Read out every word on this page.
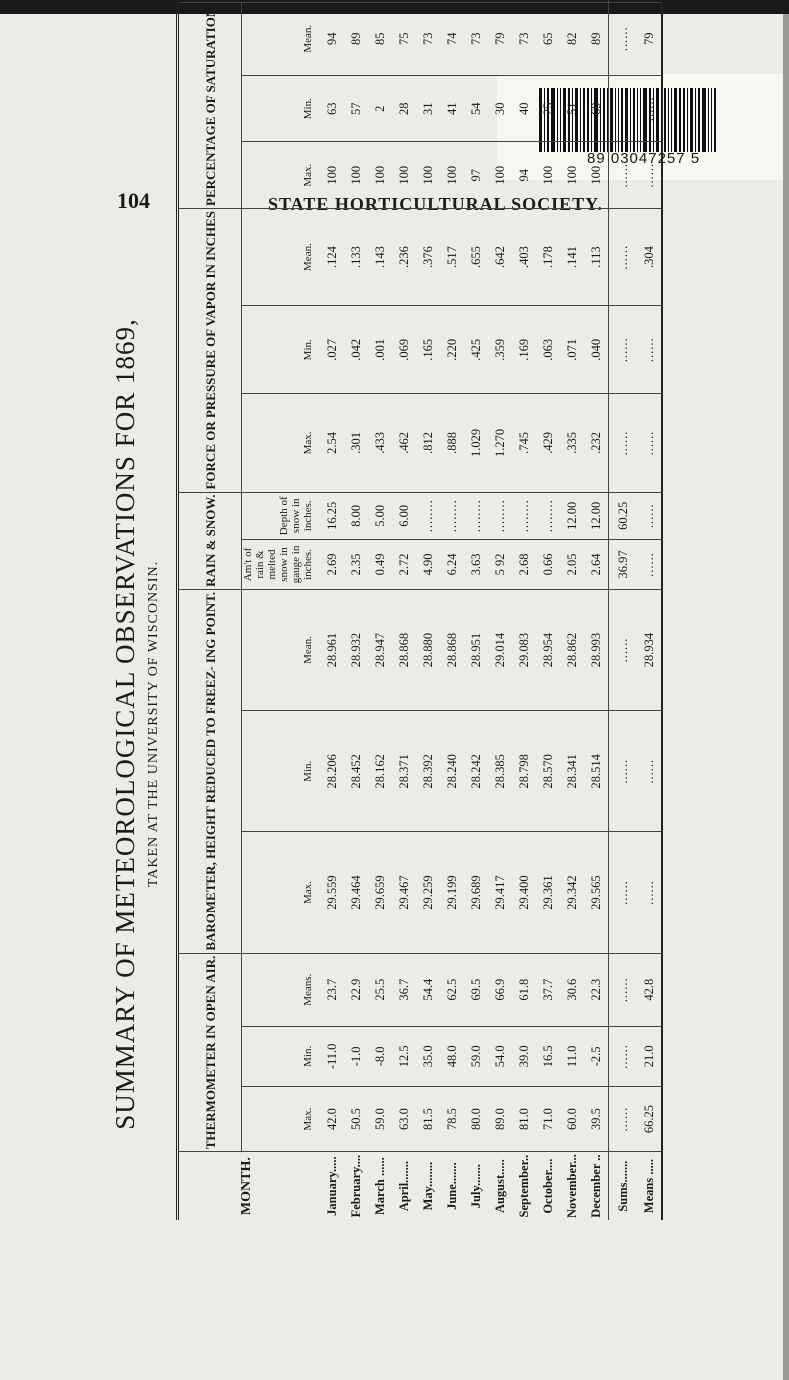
89 03047257 5
104	STATE HORTICULTURAL SOCIETY.
SUMMARY OF METEOROLOGICAL OBSERVATIONS FOR 1869, TAKEN AT THE UNIVERSITY OF WISCONSIN.
MONTH.	THERMOMETER IN OPEN AIR.			BAROMETER, HEIGHT REDUCED TO FREEZ- ING POINT.			RAIN & SNOW.		FORCE OR PRESSURE OF VAPOR IN INCHES			PERCENTAGE OF SATURATION.		
	Max.	Min.	Means.	Max.	Min.	Mean.	Am't of rain & melted snow in gauge in inches.	Depth of snow in inches.	Max.	Min.	Mean.	Max.	Min.	Mean.				
January.....	42.0	-11.0	23.7	29.559	28.206	28.961	2.69	16.25	2.54	.027	.124	100	63	94					
February....	50.5	-1.0	22.9	29.464	28.452	28.932	2.35	8.00	.301	.042	.133	100	57	89					
March ......	59.0	-8.0	25.5	29.659	28.162	28.947	0.49	5.00	.433	.001	.143	100	2	85					
April.......	63.0	12.5	36.7	29.467	28.371	28.868	2.72	6.00	.462	.069	.236	100	28	75					
May........	81.5	35.0	54.4	29.259	28.392	28.880	4.90	........	.812	.165	.376	100	31	73					
June.......	78.5	48.0	62.5	29.199	28.240	28.868	6.24	........	.888	.220	.517	100	41	74					
July.......	80.0	59.0	69.5	29.689	28.242	28.951	3.63	........	1.029	.425	.655	97	54	73					
August.....	89.0	54.0	66.9	29.417	28.385	29.014	5 92	........	1.270	.359	.642	100	30	79					
September..	81.0	39.0	61.8	29.400	28.798	29.083	2.68	........	.745	.169	.403	94	40	73					
October....	71.0	16.5	37.7	29.361	28.570	28.954	0.66	........	.429	.063	.178	100	25	65					
November...	60.0	11.0	30.6	29.342	28.341	28.862	2.05	12.00	.335	.071	.141	100	51	82					
December ..	39.5	-2.5	22.3	29.565	28.514	28.993	2.64	12.00	.232	.040	.113	100	69	89					
Sums.......	......	......	......	......	......	......	36.97	60.25	......	......	......	......	......	......					
Means .....	66.25	21.0	42.8	......	......	28.934	......	......	......	......	.304	......	......	79					
